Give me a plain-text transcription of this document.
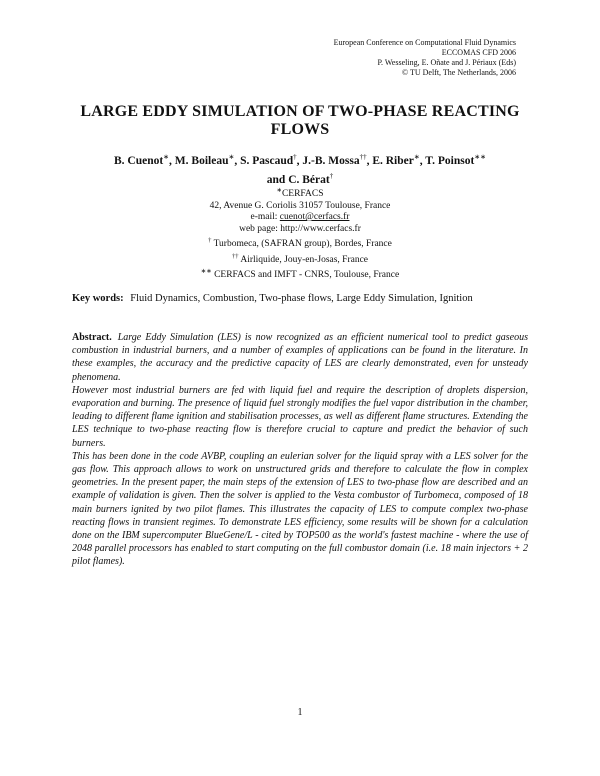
European Conference on Computational Fluid Dynamics
ECCOMAS CFD 2006
P. Wesseling, E. Oñate and J. Périaux (Eds)
© TU Delft, The Netherlands, 2006
LARGE EDDY SIMULATION OF TWO-PHASE REACTING FLOWS
B. Cuenot∗, M. Boileau∗, S. Pascaud†, J.-B. Mossa††, E. Riber∗, T. Poinsot∗∗
and C. Bérat†
∗CERFACS
42, Avenue G. Coriolis 31057 Toulouse, France
e-mail: cuenot@cerfacs.fr
web page: http://www.cerfacs.fr
† Turbomeca, (SAFRAN group), Bordes, France
†† Airliquide, Jouy-en-Josas, France
∗∗ CERFACS and IMFT - CNRS, Toulouse, France
Key words: Fluid Dynamics, Combustion, Two-phase flows, Large Eddy Simulation, Ignition

Abstract. Large Eddy Simulation (LES) is now recognized as an efficient numerical tool to predict gaseous combustion in industrial burners, and a number of examples of applications can be found in the literature. In these examples, the accuracy and the predictive capacity of LES are clearly demonstrated, even for unsteady phenomena.

However most industrial burners are fed with liquid fuel and require the description of droplets dispersion, evaporation and burning. The presence of liquid fuel strongly modifies the fuel vapor distribution in the chamber, leading to different flame ignition and stabilisation processes, as well as different flame structures. Extending the LES technique to two-phase reacting flow is therefore crucial to capture and predict the behavior of such burners.

This has been done in the code AVBP, coupling an eulerian solver for the liquid spray with a LES solver for the gas flow. This approach allows to work on unstructured grids and therefore to calculate the flow in complex geometries. In the present paper, the main steps of the extension of LES to two-phase flow are described and an example of validation is given. Then the solver is applied to the Vesta combustor of Turbomeca, composed of 18 main burners ignited by two pilot flames. This illustrates the capacity of LES to compute complex two-phase reacting flows in transient regimes. To demonstrate LES efficiency, some results will be shown for a calculation done on the IBM supercomputer BlueGene/L - cited by TOP500 as the world's fastest machine - where the use of 2048 parallel processors has enabled to start computing on the full combustor domain (i.e. 18 main injectors + 2 pilot flames).

1
